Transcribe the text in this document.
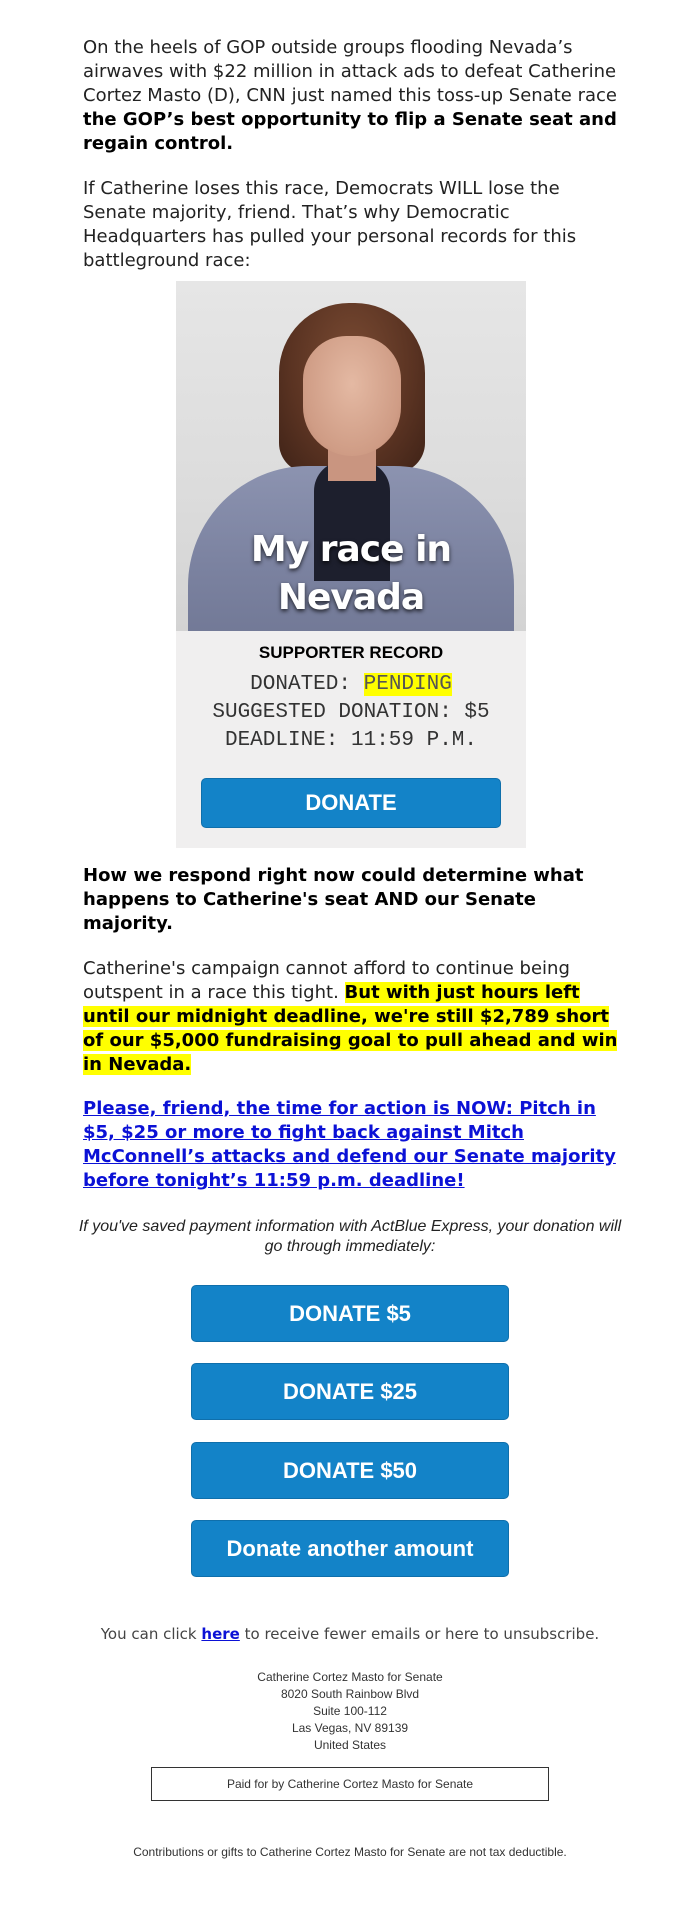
On the heels of GOP outside groups flooding Nevada’s airwaves with $22 million in attack ads to defeat Catherine Cortez Masto (D), CNN just named this toss-up Senate race the GOP’s best opportunity to flip a Senate seat and regain control.

If Catherine loses this race, Democrats WILL lose the Senate majority, friend. That’s why Democratic Headquarters has pulled your personal records for this battleground race:

My race in
Nevada
SUPPORTER RECORD
DONATED: PENDING
SUGGESTED DONATION: $5
DEADLINE: 11:59 P.M.
DONATE

How we respond right now could determine what happens to Catherine's seat AND our Senate majority.

Catherine's campaign cannot afford to continue being outspent in a race this tight. But with just hours left until our midnight deadline, we're still $2,789 short of our $5,000 fundraising goal to pull ahead and win in Nevada.

Please, friend, the time for action is NOW: Pitch in $5, $25 or more to fight back against Mitch McConnell’s attacks and defend our Senate majority before tonight’s 11:59 p.m. deadline!

If you've saved payment information with ActBlue Express, your donation will go through immediately:
DONATE $5
DONATE $25
DONATE $50
Donate another amount
You can click here to receive fewer emails or here to unsubscribe.
Catherine Cortez Masto for Senate
8020 South Rainbow Blvd
Suite 100-112
Las Vegas, NV 89139
United States
Paid for by Catherine Cortez Masto for Senate
Contributions or gifts to Catherine Cortez Masto for Senate are not tax deductible.
